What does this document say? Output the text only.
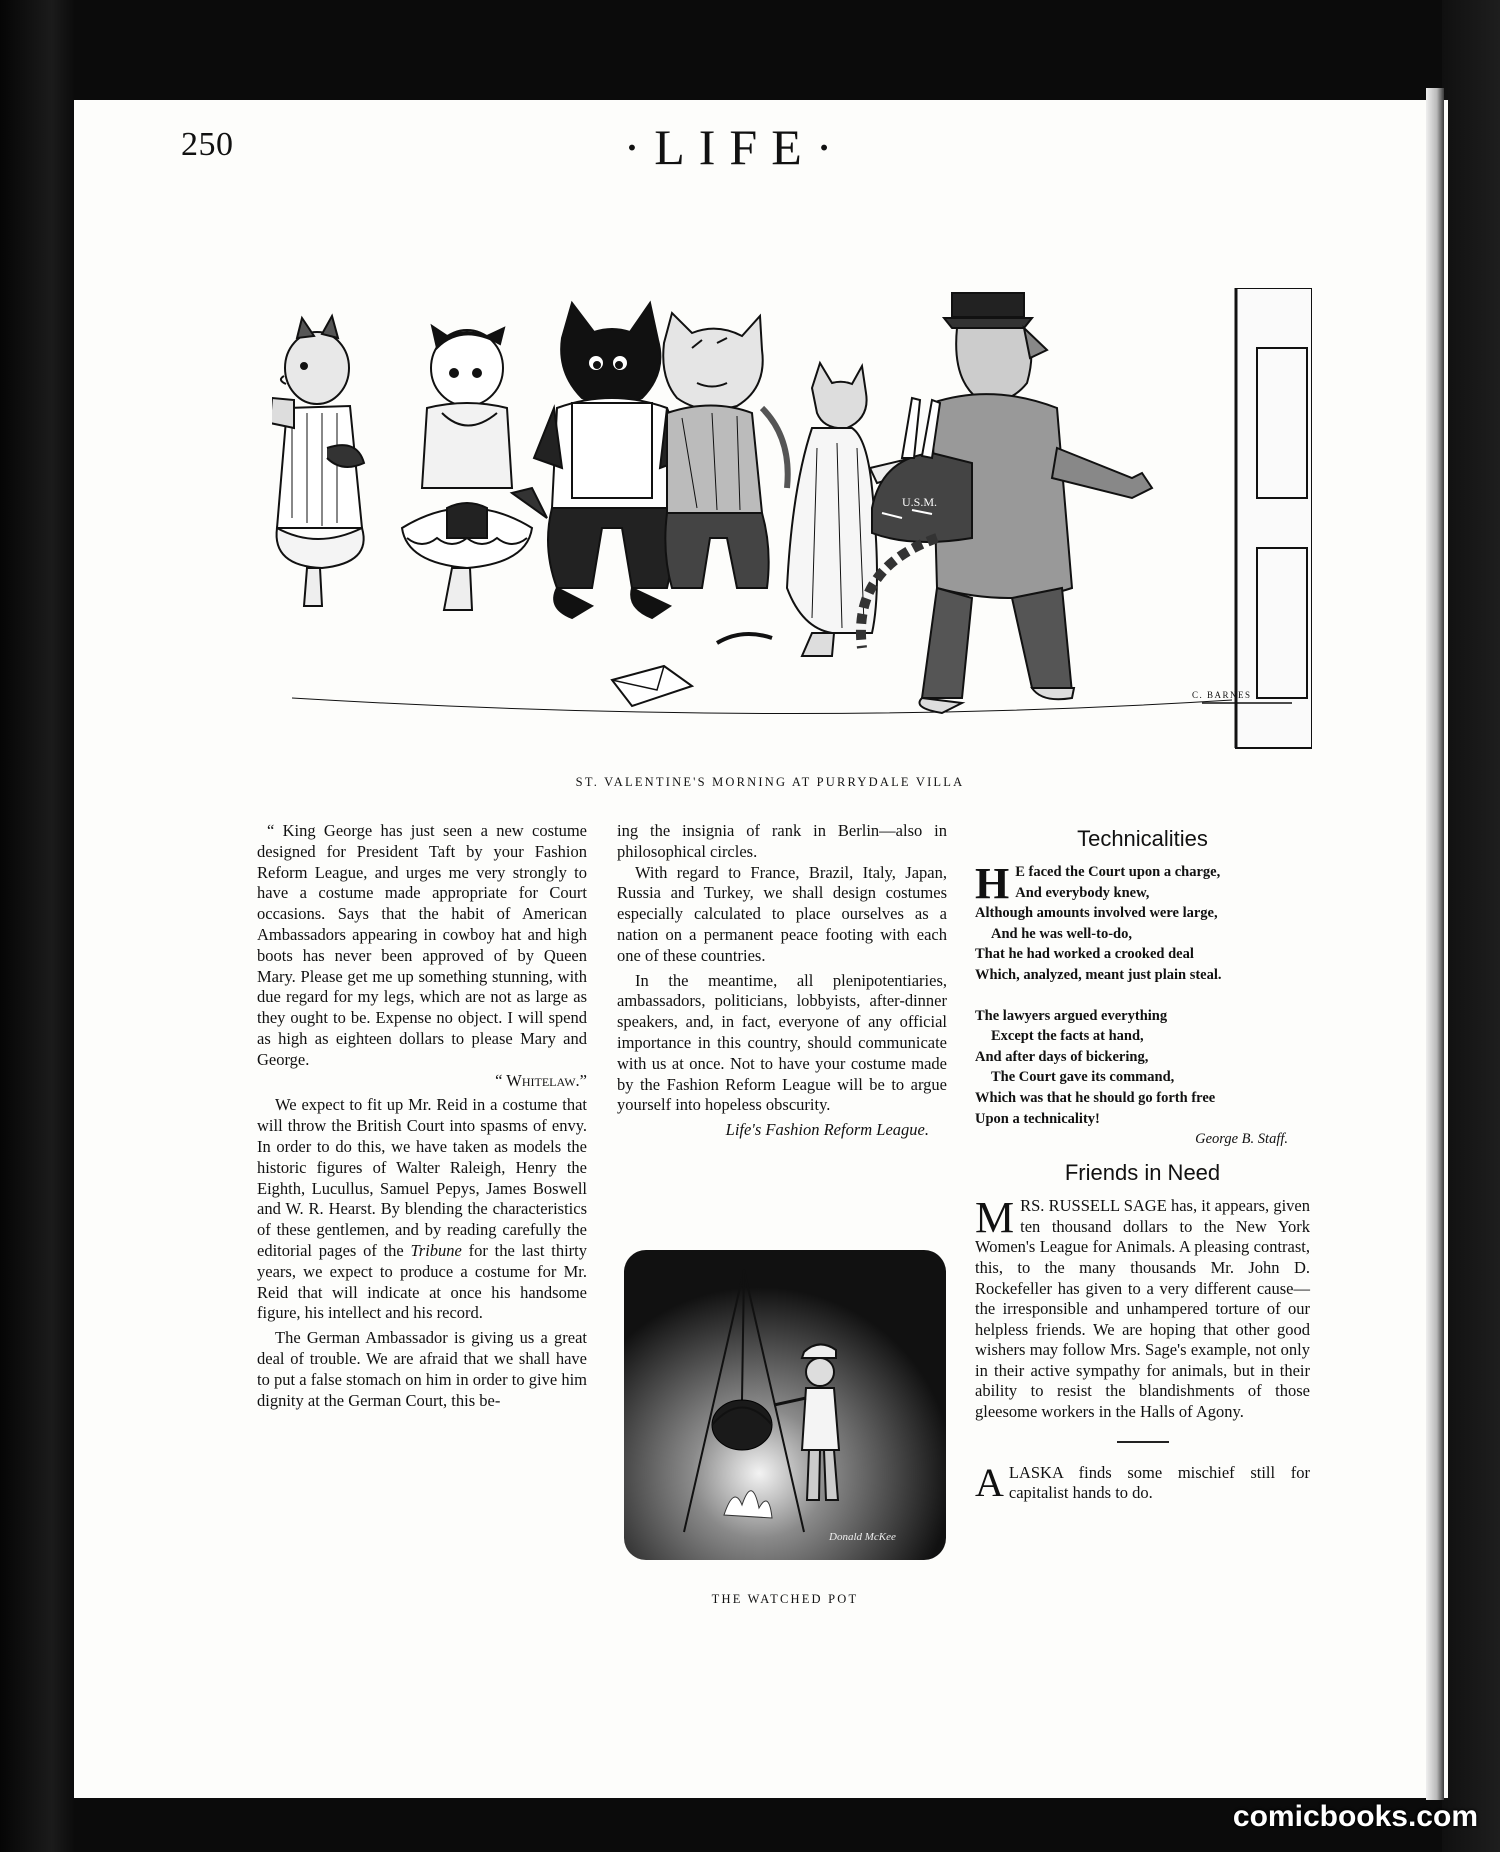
250	·LIFE·
U.S.M.
C. BARNES
ST. VALENTINE'S MORNING AT PURRYDALE VILLA

“ King George has just seen a new costume designed for President Taft by your Fashion Reform League, and urges me very strongly to have a costume made appropriate for Court occasions. Says that the habit of American Ambassadors appearing in cowboy hat and high boots has never been approved of by Queen Mary. Please get me up something stunning, with due regard for my legs, which are not as large as they ought to be. Expense no object. I will spend as high as eighteen dollars to please Mary and George.

“ Whitelaw.”

We expect to fit up Mr. Reid in a costume that will throw the British Court into spasms of envy. In order to do this, we have taken as models the historic figures of Walter Raleigh, Henry the Eighth, Lucullus, Samuel Pepys, James Boswell and W. R. Hearst. By blending the characteristics of these gentlemen, and by reading carefully the editorial pages of the Tribune for the last thirty years, we expect to produce a costume for Mr. Reid that will indicate at once his handsome figure, his intellect and his record.

The German Ambassador is giving us a great deal of trouble. We are afraid that we shall have to put a false stomach on him in order to give him dignity at the German Court, this be-

ing the insignia of rank in Berlin—also in philosophical circles.

With regard to France, Brazil, Italy, Japan, Russia and Turkey, we shall design costumes especially calculated to place ourselves as a nation on a permanent peace footing with each one of these countries.

In the meantime, all plenipotentiaries, ambassadors, politicians, lobbyists, after-dinner speakers, and, in fact, everyone of any official importance in this country, should communicate with us at once. Not to have your costume made by the Fashion Reform League will be to argue yourself into hopeless obscurity.

Life's Fashion Reform League.

Donald McKee
THE WATCHED POT
Technicalities
H E faced the Court upon a charge,
And everybody knew,
Although amounts involved were large,
And he was well-to-do,
That he had worked a crooked deal
Which, analyzed, meant just plain steal.
The lawyers argued everything
Except the facts at hand,
And after days of bickering,
The Court gave its command,
Which was that he should go forth free
Upon a technicality!
George B. Staff.
Friends in Need
MRS. RUSSELL SAGE has, it appears, given ten thousand dollars to the New York Women's League for Animals. A pleasing contrast, this, to the many thousands Mr. John D. Rockefeller has given to a very different cause—the irresponsible and unhampered torture of our helpless friends. We are hoping that other good wishers may follow Mrs. Sage's example, not only in their active sympathy for animals, but in their ability to resist the blandishments of those gleesome workers in the Halls of Agony.
ALASKA finds some mischief still for capitalist hands to do.
comicbooks.com
